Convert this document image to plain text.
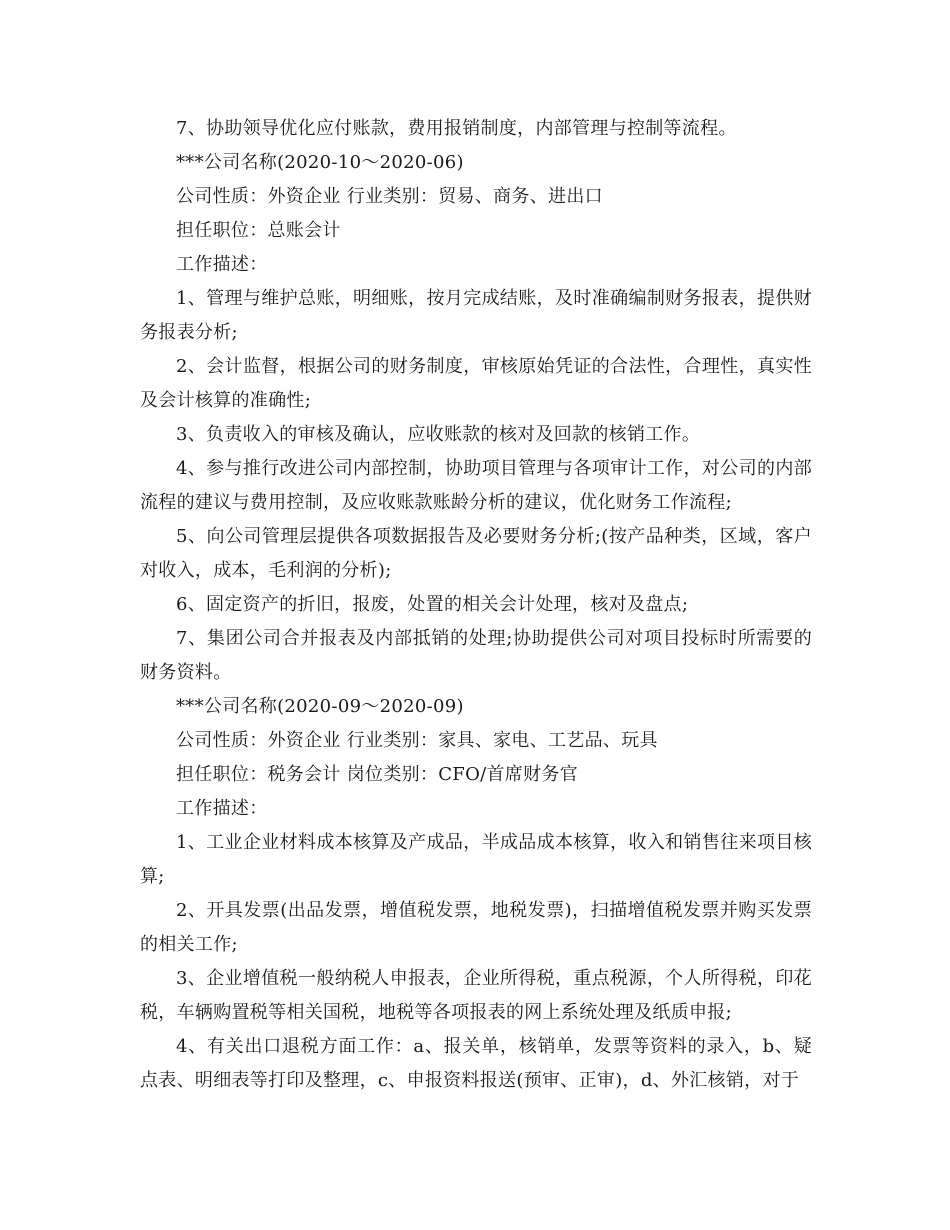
7、协助领导优化应付账款，费用报销制度，内部管理与控制等流程。

***公司名称(2020-10～2020-06)

公司性质：外资企业 行业类别：贸易、商务、进出口

担任职位：总账会计

工作描述：

1、管理与维护总账，明细账，按月完成结账，及时准确编制财务报表，提供财务报表分析;

2、会计监督，根据公司的财务制度，审核原始凭证的合法性，合理性，真实性及会计核算的准确性;

3、负责收入的审核及确认，应收账款的核对及回款的核销工作。

4、参与推行改进公司内部控制，协助项目管理与各项审计工作，对公司的内部流程的建议与费用控制，及应收账款账龄分析的建议，优化财务工作流程;

5、向公司管理层提供各项数据报告及必要财务分析;(按产品种类，区域，客户对收入，成本，毛利润的分析);

6、固定资产的折旧，报废，处置的相关会计处理，核对及盘点;

7、集团公司合并报表及内部抵销的处理;协助提供公司对项目投标时所需要的财务资料。

***公司名称(2020-09～2020-09)

公司性质：外资企业 行业类别：家具、家电、工艺品、玩具

担任职位：税务会计 岗位类别：CFO/首席财务官

工作描述：

1、工业企业材料成本核算及产成品，半成品成本核算，收入和销售往来项目核算;

2、开具发票(出品发票，增值税发票，地税发票)，扫描增值税发票并购买发票的相关工作;

3、企业增值税一般纳税人申报表，企业所得税，重点税源，个人所得税，印花税，车辆购置税等相关国税，地税等各项报表的网上系统处理及纸质申报;

4、有关出口退税方面工作：a、报关单，核销单，发票等资料的录入，b、疑点表、明细表等打印及整理，c、申报资料报送(预审、正审)，d、外汇核销，对于
